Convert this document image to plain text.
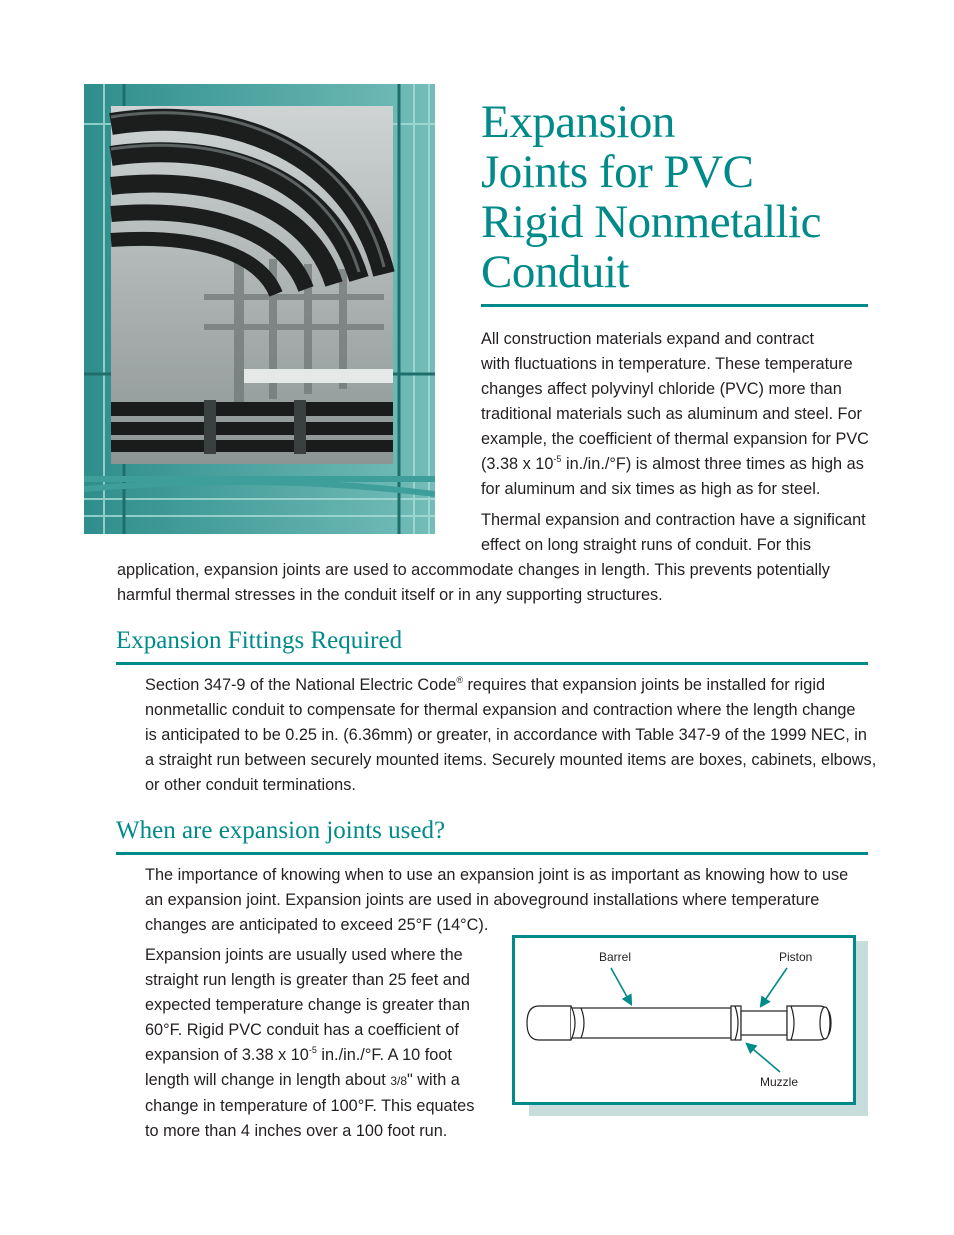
Expansion
Joints for PVC
Rigid Nonmetallic
Conduit

All construction materials expand and contract

with fluctuations in temperature. These temperature

changes affect polyvinyl chloride (PVC) more than

traditional materials such as aluminum and steel. For

example, the coefficient of thermal expansion for PVC

(3.38 x $10^{-5}$ in./in./°F) is almost three times as high as

for aluminum and six times as high as for steel.

Thermal expansion and contraction have a significant

effect on long straight runs of conduit. For this

application, expansion joints are used to accommodate changes in length. This prevents potentially

harmful thermal stresses in the conduit itself or in any supporting structures.

Expansion Fittings Required

Section 347-9 of the National Electric Code® requires that expansion joints be installed for rigid

nonmetallic conduit to compensate for thermal expansion and contraction where the length change

is anticipated to be 0.25 in. (6.36mm) or greater, in accordance with Table 347-9 of the 1999 NEC, in

a straight run between securely mounted items. Securely mounted items are boxes, cabinets, elbows,

or other conduit terminations.

When are expansion joints used?

The importance of knowing when to use an expansion joint is as important as knowing how to use

an expansion joint. Expansion joints are used in aboveground installations where temperature

changes are anticipated to exceed 25°F (14°C).

Expansion joints are usually used where the

straight run length is greater than 25 feet and

expected temperature change is greater than

60°F. Rigid PVC conduit has a coefficient of

expansion of 3.38 x $10^{-5}$ in./in./°F. A 10 foot

length will change in length about 3/8" with a

change in temperature of 100°F. This equates

to more than 4 inches over a 100 foot run.

Barrel	Piston
Muzzle
